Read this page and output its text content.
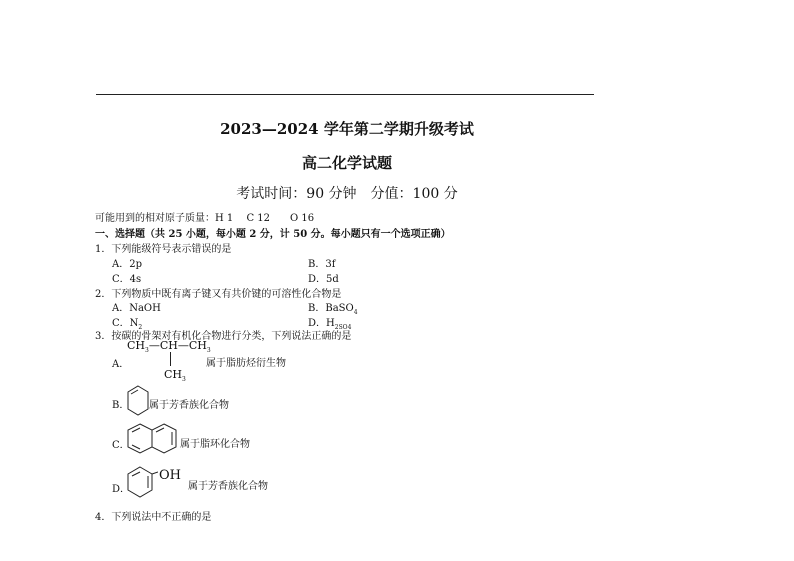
2023—2024 学年第二学期升级考试
高二化学试题
考试时间：90 分钟　分值：100 分
可能用到的相对原子质量：H 1　 C 12　　O 16
一、选择题（共 25 小题，每小题 2 分，计 50 分。每小题只有一个选项正确）
1．下列能级符号表示错误的是
A．2p	B．3f
C．4s	D．5d
2．下列物质中既有离子键又有共价键的可溶性化合物是
A．NaOH	B．BaSO$_4$
C．$N_2$	D．$H_{2SO4}$
3．按碳的骨架对有机化合物进行分类，下列说法正确的是
A．
$CH_3—CH—CH_3$
$CH_3$
属于脂肪烃衍生物
B． 属于芳香族化合物
C．	属于脂环化合物
D．
OH
属于芳香族化合物
4．下列说法中不正确的是
